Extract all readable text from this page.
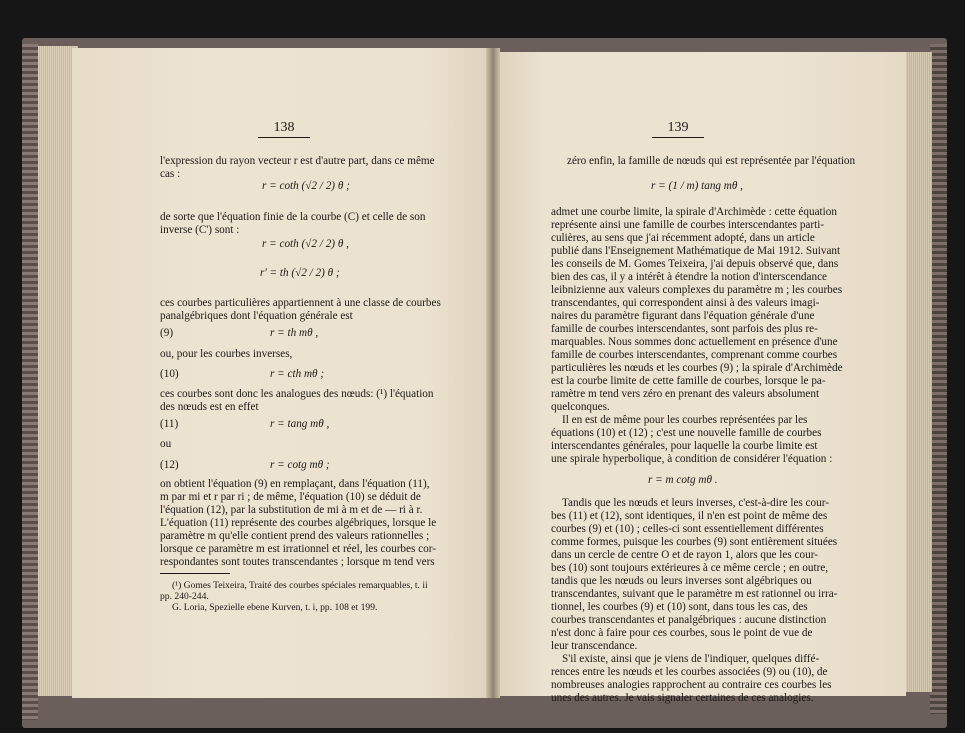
138
l'expression du rayon vecteur r est d'autre part, dans ce même
cas :
r = coth (√2 / 2) θ ;
de sorte que l'équation finie de la courbe (C) et celle de son
inverse (C') sont :
r = coth (√2 / 2) θ ,
r' = th (√2 / 2) θ ;
ces courbes particulières appartiennent à une classe de courbes
panalgébriques dont l'équation générale est
(9)	r = th mθ ,
ou, pour les courbes inverses,
(10)	r = cth mθ ;
ces courbes sont donc les analogues des nœuds: (¹) l'équation
des nœuds est en effet
(11)	r = tang mθ ,
ou
(12)	r = cotg mθ ;
on obtient l'équation (9) en remplaçant, dans l'équation (11),
m par mi et r par ri ; de même, l'équation (10) se déduit de
l'équation (12), par la substitution de mi à m et de — ri à r.
L'équation (11) représente des courbes algébriques, lorsque le
paramètre m qu'elle contient prend des valeurs rationnelles ;
lorsque ce paramètre m est irrationnel et réel, les courbes cor-
respondantes sont toutes transcendantes ; lorsque m tend vers
(¹) Gomes Teixeira, Traité des courbes spéciales remarquables, t. ii
pp. 240-244.
G. Loria, Spezielle ebene Kurven, t. i, pp. 108 et 199.
139
zéro enfin, la famille de nœuds qui est représentée par l'équation
r = (1 / m) tang mθ ,
admet une courbe limite, la spirale d'Archimède : cette équation
représente ainsi une famille de courbes interscendantes parti-
culières, au sens que j'ai récemment adopté, dans un article
publié dans l'Enseignement Mathématique de Mai 1912. Suivant
les conseils de M. Gomes Teixeira, j'ai depuis observé que, dans
bien des cas, il y a intérêt à étendre la notion d'interscendance
leibnizienne aux valeurs complexes du paramètre m ; les courbes
transcendantes, qui correspondent ainsi à des valeurs imagi-
naires du paramètre figurant dans l'équation générale d'une
famille de courbes interscendantes, sont parfois des plus re-
marquables. Nous sommes donc actuellement en présence d'une
famille de courbes interscendantes, comprenant comme courbes
particulières les nœuds et les courbes (9) ; la spirale d'Archimède
est la courbe limite de cette famille de courbes, lorsque le pa-
ramètre m tend vers zéro en prenant des valeurs absolument
quelconques.
Il en est de même pour les courbes représentées par les
équations (10) et (12) ; c'est une nouvelle famille de courbes
interscendantes générales, pour laquelle la courbe limite est
une spirale hyperbolique, à condition de considérer l'équation :
r = m cotg mθ .
Tandis que les nœuds et leurs inverses, c'est-à-dire les cour-
bes (11) et (12), sont identiques, il n'en est point de même des
courbes (9) et (10) ; celles-ci sont essentiellement différentes
comme formes, puisque les courbes (9) sont entièrement situées
dans un cercle de centre O et de rayon 1, alors que les cour-
bes (10) sont toujours extérieures à ce même cercle ; en outre,
tandis que les nœuds ou leurs inverses sont algébriques ou
transcendantes, suivant que le paramètre m est rationnel ou irra-
tionnel, les courbes (9) et (10) sont, dans tous les cas, des
courbes transcendantes et panalgébriques : aucune distinction
n'est donc à faire pour ces courbes, sous le point de vue de
leur transcendance.
S'il existe, ainsi que je viens de l'indiquer, quelques diffé-
rences entre les nœuds et les courbes associées (9) ou (10), de
nombreuses analogies rapprochent au contraire ces courbes les
unes des autres. Je vais signaler certaines de ces analogies.
